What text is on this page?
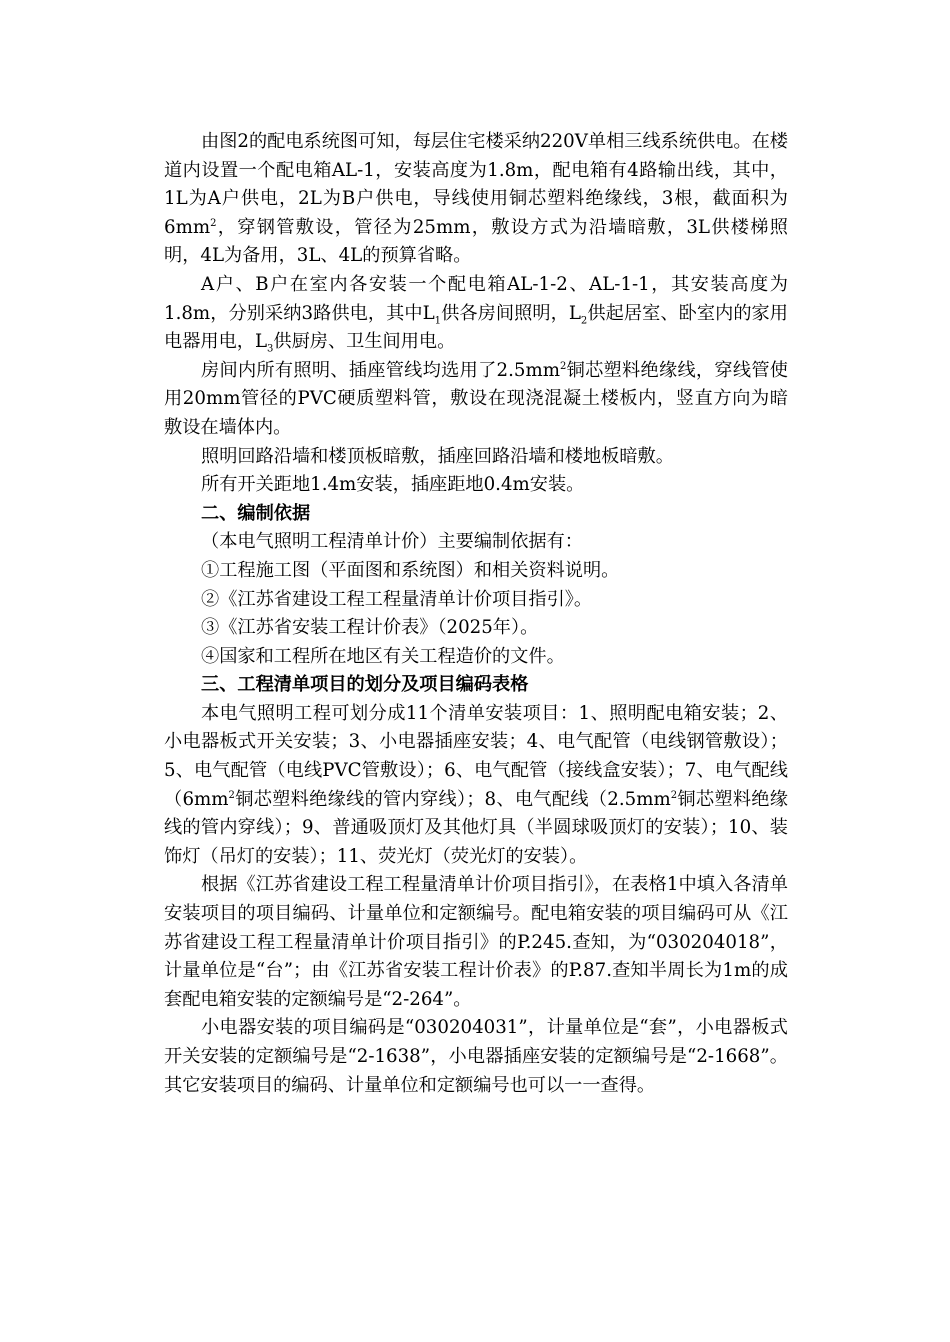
由图2的配电系统图可知，每层住宅楼采纳220V单相三线系统供电。在楼道内设置一个配电箱AL-1，安装高度为1.8m，配电箱有4路输出线，其中，1L为A户供电，2L为B户供电，导线使用铜芯塑料绝缘线，3根，截面积为$6mm^2$，穿钢管敷设，管径为25mm，敷设方式为沿墙暗敷，3L供楼梯照明，4L为备用，3L、4L的预算省略。

A户、B户在室内各安装一个配电箱AL-1-2、AL-1-1，其安装高度为1.8m，分别采纳3路供电，其中$L_1$供各房间照明，$L_2$供起居室、卧室内的家用电器用电，$L_3$供厨房、卫生间用电。

房间内所有照明、插座管线均选用了$2.5mm^2$铜芯塑料绝缘线，穿线管使用20mm管径的PVC硬质塑料管，敷设在现浇混凝土楼板内，竖直方向为暗敷设在墙体内。

照明回路沿墙和楼顶板暗敷，插座回路沿墙和楼地板暗敷。

所有开关距地1.4m安装，插座距地0.4m安装。

二、编制依据

（本电气照明工程清单计价）主要编制依据有：

①工程施工图（平面图和系统图）和相关资料说明。

②《江苏省建设工程工程量清单计价项目指引》。

③《江苏省安装工程计价表》（2025年）。

④国家和工程所在地区有关工程造价的文件。

三、工程清单项目的划分及项目编码表格

本电气照明工程可划分成11个清单安装项目：1、照明配电箱安装；2、小电器板式开关安装；3、小电器插座安装；4、电气配管（电线钢管敷设）；5、电气配管（电线PVC管敷设）；6、电气配管（接线盒安装）；7、电气配线（$6mm^2$铜芯塑料绝缘线的管内穿线）；8、电气配线（$2.5mm^2$铜芯塑料绝缘线的管内穿线）；9、普通吸顶灯及其他灯具（半圆球吸顶灯的安装）；10、装饰灯（吊灯的安装）；11、荧光灯（荧光灯的安装）。

根据《江苏省建设工程工程量清单计价项目指引》，在表格1中填入各清单安装项目的项目编码、计量单位和定额编号。配电箱安装的项目编码可从《江苏省建设工程工程量清单计价项目指引》的P.245.查知，为“030204018”，计量单位是“台”；由《江苏省安装工程计价表》的P.87.查知半周长为1m的成套配电箱安装的定额编号是“2-264”。

小电器安装的项目编码是“030204031”，计量单位是“套”，小电器板式开关安装的定额编号是“2-1638”，小电器插座安装的定额编号是“2-1668”。其它安装项目的编码、计量单位和定额编号也可以一一查得。
